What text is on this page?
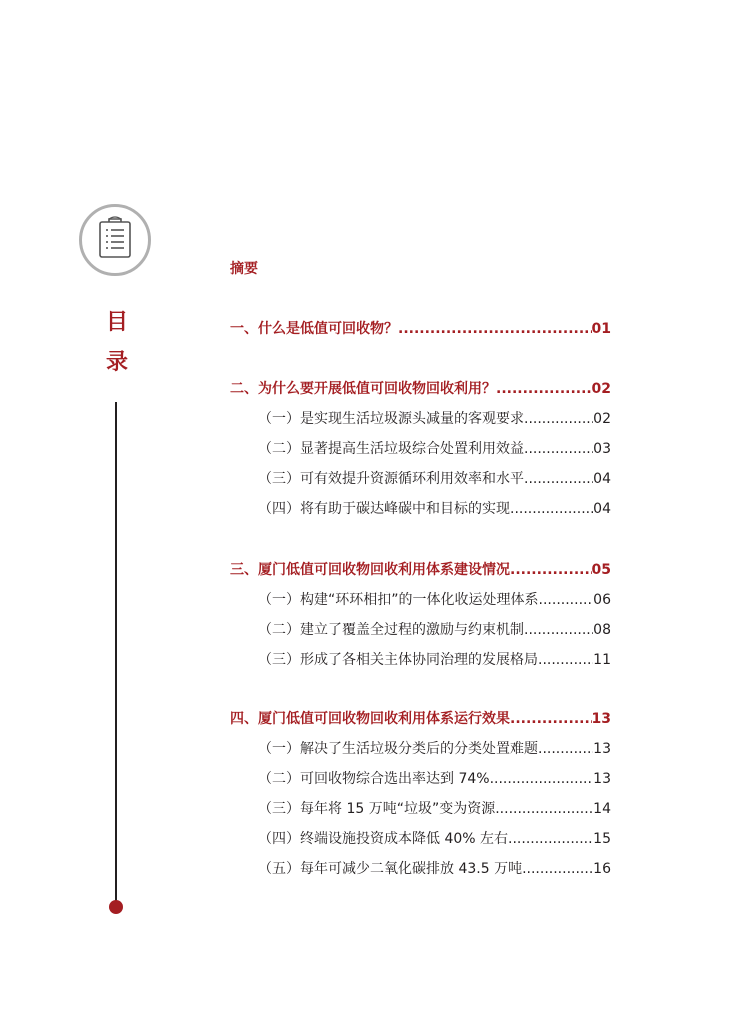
目
录
摘要
一、什么是低值可回收物？ .....	01
二、为什么要开展低值可回收物回收利用？ .....	02
（一）是实现生活垃圾源头减量的客观要求 .....	02
（二）显著提高生活垃圾综合处置利用效益 .....	03
（三）可有效提升资源循环利用效率和水平 .....	04
（四）将有助于碳达峰碳中和目标的实现 .....	04
三、厦门低值可回收物回收利用体系建设情况 .....	05
（一）构建“环环相扣”的一体化收运处理体系 .....	06
（二）建立了覆盖全过程的激励与约束机制 .....	08
（三）形成了各相关主体协同治理的发展格局 .....	11
四、厦门低值可回收物回收利用体系运行效果 .....	13
（一）解决了生活垃圾分类后的分类处置难题 .....	13
（二）可回收物综合选出率达到 74% .....	13
（三）每年将 15 万吨“垃圾”变为资源 .....	14
（四）终端设施投资成本降低 40% 左右 .....	15
（五）每年可减少二氧化碳排放 43.5 万吨 .....	16
